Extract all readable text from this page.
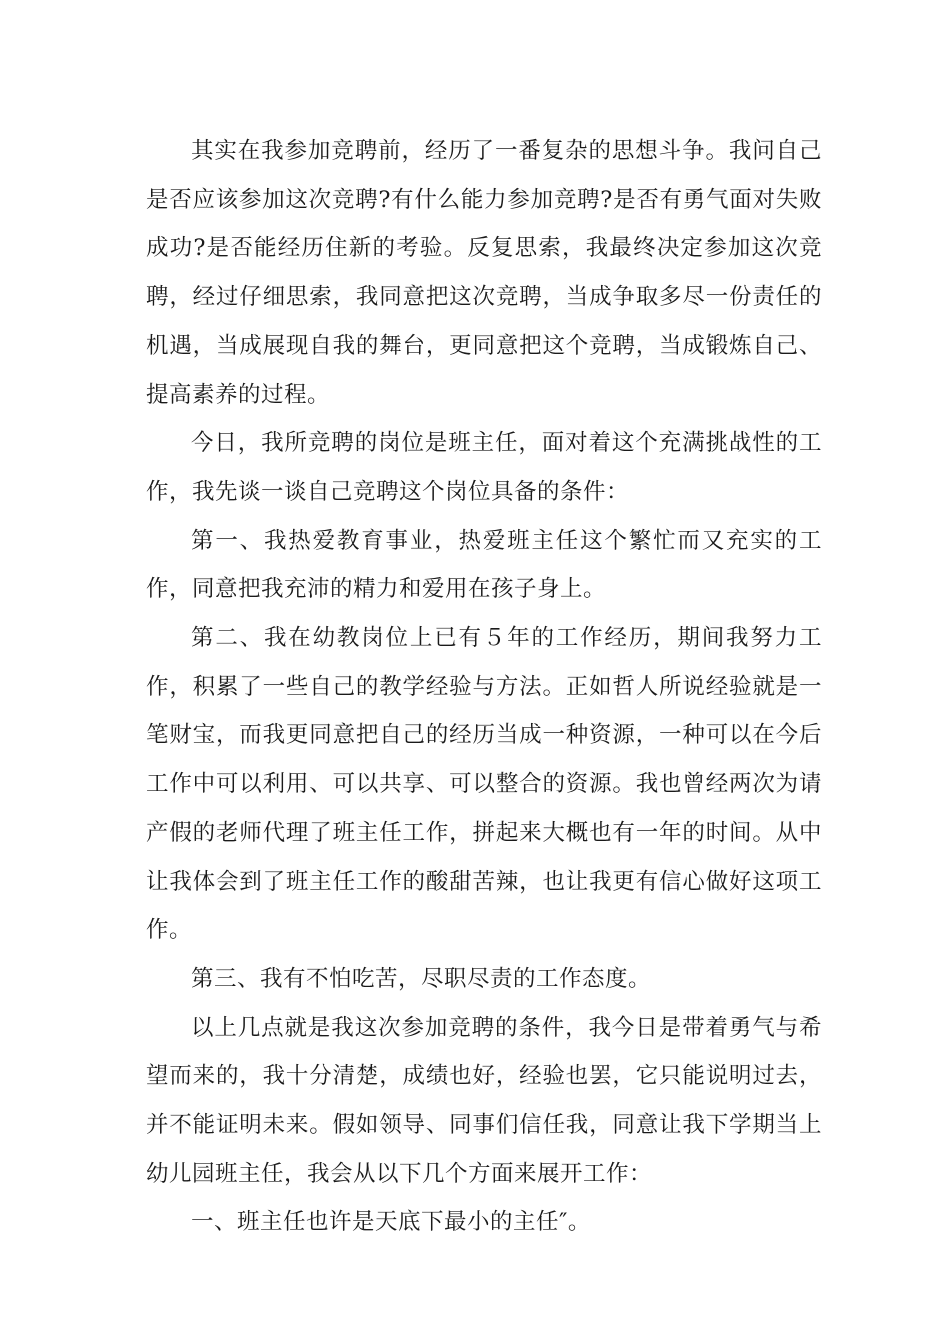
其实在我参加竞聘前，经历了一番复杂的思想斗争。我问自己是否应该参加这次竞聘?有什么能力参加竞聘?是否有勇气面对失败成功?是否能经历住新的考验。反复思索，我最终决定参加这次竞聘，经过仔细思索，我同意把这次竞聘，当成争取多尽一份责任的机遇，当成展现自我的舞台，更同意把这个竞聘，当成锻炼自己、提高素养的过程。

今日，我所竞聘的岗位是班主任，面对着这个充满挑战性的工作，我先谈一谈自己竞聘这个岗位具备的条件：

第一、我热爱教育事业，热爱班主任这个繁忙而又充实的工作，同意把我充沛的精力和爱用在孩子身上。

第二、我在幼教岗位上已有５年的工作经历，期间我努力工作，积累了一些自己的教学经验与方法。正如哲人所说经验就是一笔财宝，而我更同意把自己的经历当成一种资源，一种可以在今后工作中可以利用、可以共享、可以整合的资源。我也曾经两次为请产假的老师代理了班主任工作，拼起来大概也有一年的时间。从中让我体会到了班主任工作的酸甜苦辣，也让我更有信心做好这项工作。

第三、我有不怕吃苦，尽职尽责的工作态度。

以上几点就是我这次参加竞聘的条件，我今日是带着勇气与希望而来的，我十分清楚，成绩也好，经验也罢，它只能说明过去，并不能证明未来。假如领导、同事们信任我，同意让我下学期当上幼儿园班主任，我会从以下几个方面来展开工作：

一、班主任也许是天底下最小的主任″。
